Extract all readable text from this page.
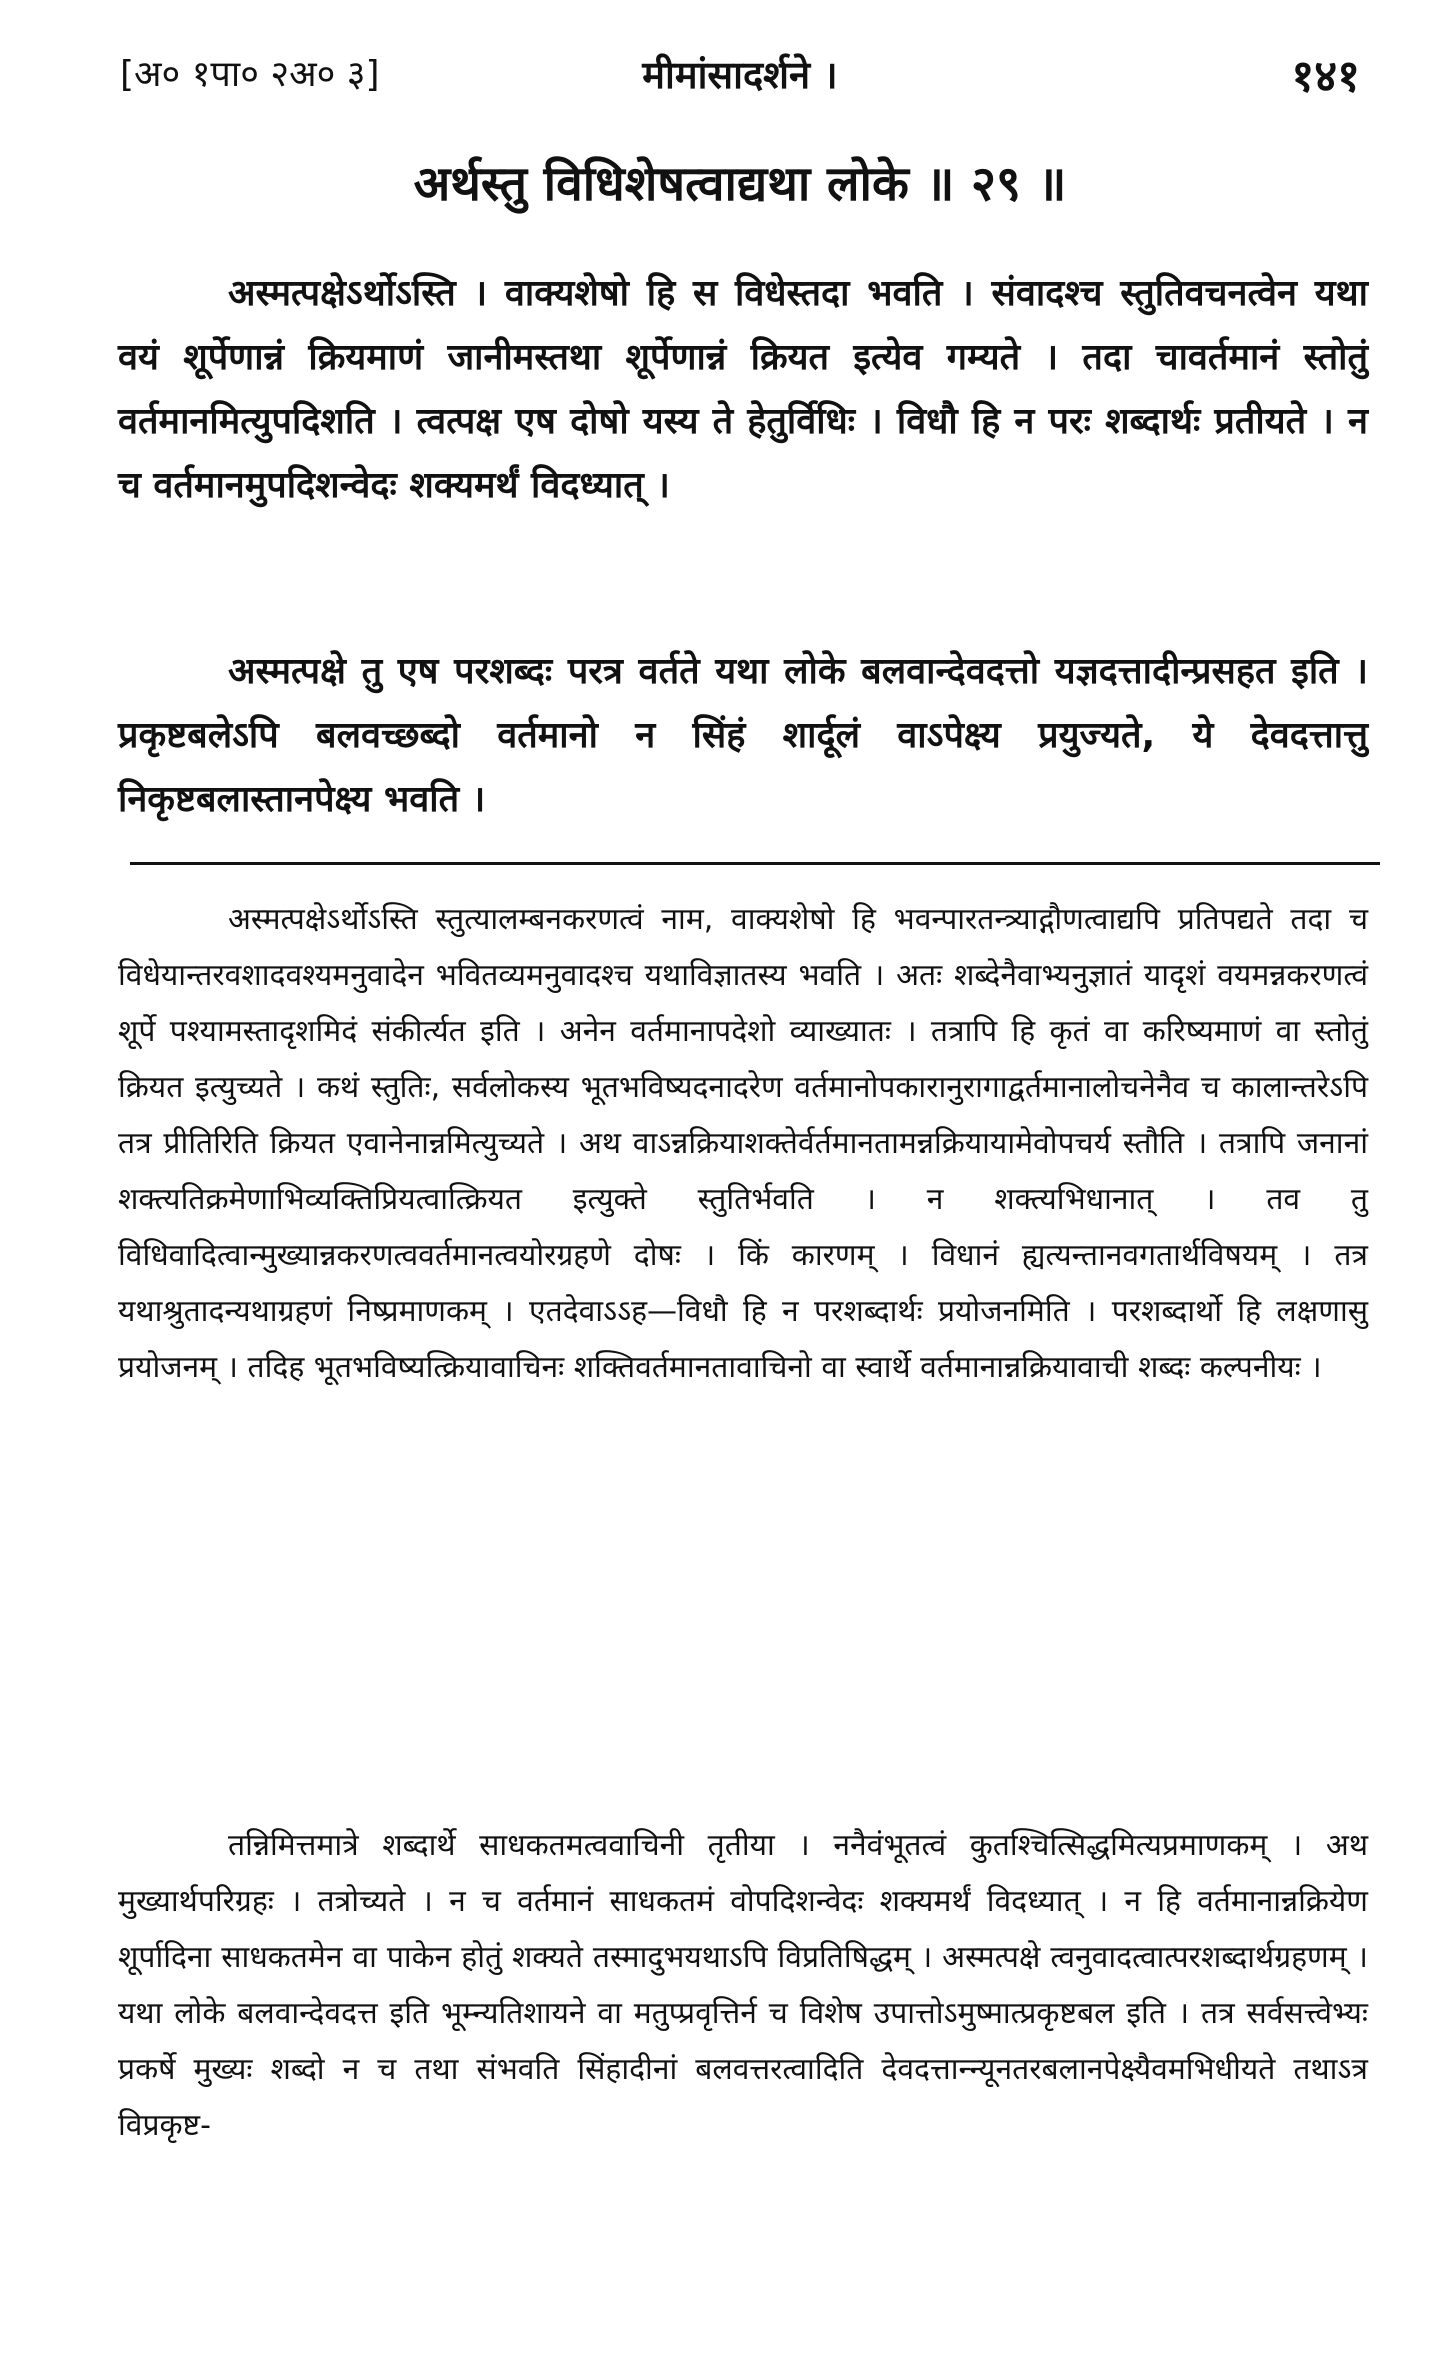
[अ० १पा० २अ० ३]	मीमांसादर्शने ।	१४१
अर्थस्तु विधिशेषत्वाद्यथा लोके ॥ २९ ॥

अस्मत्पक्षेऽर्थोऽस्ति । वाक्यशेषो हि स विधेस्तदा भवति । संवादश्च स्तुतिवचनत्वेन यथा वयं शूर्पेणान्नं क्रियमाणं जानीमस्तथा शूर्पेणान्नं क्रियत इत्येव गम्यते । तदा चावर्तमानं स्तोतुं वर्तमानमित्युपदिशति । त्वत्पक्ष एष दोषो यस्य ते हेतुर्विधिः । विधौ हि न परः शब्दार्थः प्रतीयते । न च वर्तमानमुपदिशन्वेदः शक्यमर्थं विदध्यात् ।

अस्मत्पक्षे तु एष परशब्दः परत्र वर्तते यथा लोके बलवान्देवदत्तो यज्ञदत्तादीन्प्रसहत इति । प्रकृष्टबलेऽपि बलवच्छब्दो वर्तमानो न सिंहं शार्दूलं वाऽपेक्ष्य प्रयुज्यते, ये देवदत्तात्तु निकृष्टबलास्तानपेक्ष्य भवति ।

अस्मत्पक्षेऽर्थोऽस्ति स्तुत्यालम्बनकरणत्वं नाम, वाक्यशेषो हि भवन्पारतन्त्र्याद्गौणत्वाद्यपि प्रतिपद्यते तदा च विधेयान्तरवशादवश्यमनुवादेन भवितव्यमनुवादश्च यथाविज्ञातस्य भवति । अतः शब्देनैवाभ्यनुज्ञातं यादृशं वयमन्नकरणत्वं शूर्पे पश्यामस्तादृशमिदं संकीर्त्यत इति । अनेन वर्तमानापदेशो व्याख्यातः । तत्रापि हि कृतं वा करिष्यमाणं वा स्तोतुं क्रियत इत्युच्यते । कथं स्तुतिः, सर्वलोकस्य भूतभविष्यदनादरेण वर्तमानोपकारानुरागाद्वर्तमानालोचनेनैव च कालान्तरेऽपि तत्र प्रीतिरिति क्रियत एवानेनान्नमित्युच्यते । अथ वाऽन्नक्रियाशक्तेर्वर्तमानतामन्नक्रियायामेवोपचर्य स्तौति । तत्रापि जनानां शक्त्यतिक्रमेणाभिव्यक्तिप्रियत्वात्क्रियत इत्युक्ते स्तुतिर्भवति । न शक्त्यभिधानात् । तव तु विधिवादित्वान्मुख्यान्नकरणत्ववर्तमानत्वयोरग्रहणे दोषः । किं कारणम् । विधानं ह्यत्यन्तानवगतार्थविषयम् । तत्र यथाश्रुतादन्यथाग्रहणं निष्प्रमाणकम् । एतदेवाऽऽह—विधौ हि न परशब्दार्थः प्रयोजनमिति । परशब्दार्थो हि लक्षणासु प्रयोजनम् । तदिह भूतभविष्यत्क्रियावाचिनः शक्तिवर्तमानतावाचिनो वा स्वार्थे वर्तमानान्नक्रियावाची शब्दः कल्पनीयः ।

तन्निमित्तमात्रे शब्दार्थे साधकतमत्ववाचिनी तृतीया । ननैवंभूतत्वं कुतश्चित्सिद्धमित्यप्रमाणकम् । अथ मुख्यार्थपरिग्रहः । तत्रोच्यते । न च वर्तमानं साधकतमं वोपदिशन्वेदः शक्यमर्थं विदध्यात् । न हि वर्तमानान्नक्रियेण शूर्पादिना साधकतमेन वा पाकेन होतुं शक्यते तस्मादुभयथाऽपि विप्रतिषिद्धम् । अस्मत्पक्षे त्वनुवादत्वात्परशब्दार्थग्रहणम् । यथा लोके बलवान्देवदत्त इति भूम्न्यतिशायने वा मतुप्प्रवृत्तिर्न च विशेष उपात्तोऽमुष्मात्प्रकृष्टबल इति । तत्र सर्वसत्त्वेभ्यः प्रकर्षे मुख्यः शब्दो न च तथा संभवति सिंहादीनां बलवत्तरत्वादिति देवदत्तान्न्यूनतरबलानपेक्ष्यैवमभिधीयते तथाऽत्र विप्रकृष्ट-
